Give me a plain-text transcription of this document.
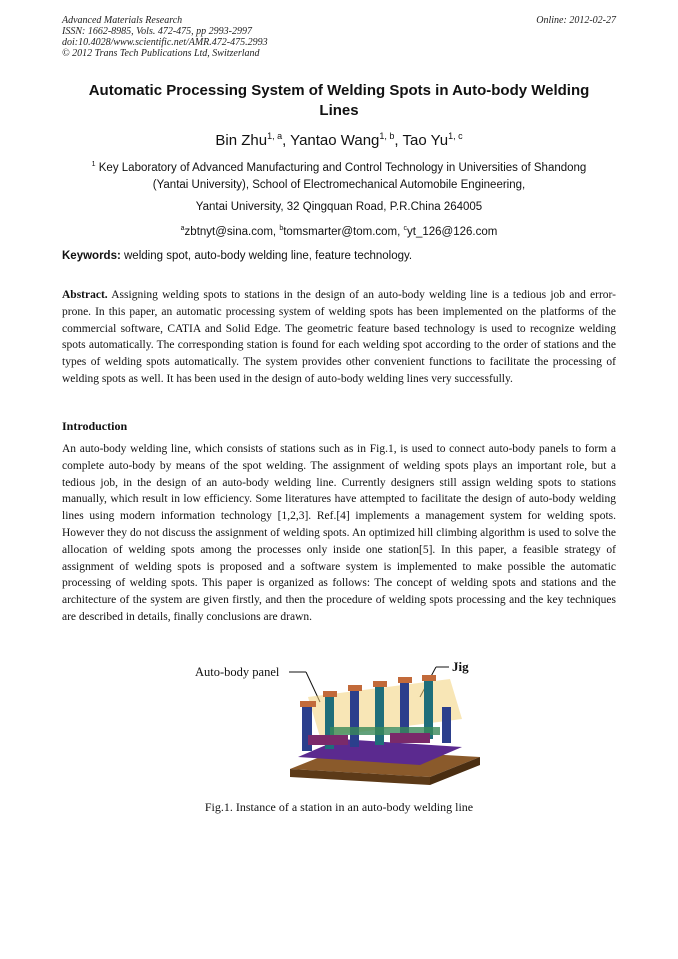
Advanced Materials Research
ISSN: 1662-8985, Vols. 472-475, pp 2993-2997
doi:10.4028/www.scientific.net/AMR.472-475.2993
© 2012 Trans Tech Publications Ltd, Switzerland
Online: 2012-02-27
Automatic Processing System of Welding Spots in Auto-body Welding
Lines
Bin Zhu$^{1, a}$, Yantao Wang$^{1, b}$, Tao Yu$^{1, c}$
$^1$ Key Laboratory of Advanced Manufacturing and Control Technology in Universities of Shandong
(Yantai University), School of Electromechanical Automobile Engineering,
Yantai University, 32 Qingquan Road, P.R.China 264005
$^a$zbtnyt@sina.com, $^b$tomsmarter@tom.com, $^c$yt_126@126.com
Keywords: welding spot, auto-body welding line, feature technology.
Abstract. Assigning welding spots to stations in the design of an auto-body welding line is a tedious job and error-prone. In this paper, an automatic processing system of welding spots has been implemented on the platforms of the commercial software, CATIA and Solid Edge. The geometric feature based technology is used to recognize welding spots automatically. The corresponding station is found for each welding spot according to the order of stations and the types of welding spots automatically. The system provides other convenient functions to facilitate the processing of welding spots as well. It has been used in the design of auto-body welding lines very successfully.
Introduction
An auto-body welding line, which consists of stations such as in Fig.1, is used to connect auto-body panels to form a complete auto-body by means of the spot welding. The assignment of welding spots plays an important role, but a tedious job, in the design of an auto-body welding line. Currently designers still assign welding spots to stations manually, which result in low efficiency. Some literatures have attempted to facilitate the design of auto-body welding lines using modern information technology [1,2,3]. Ref.[4] implements a management system for welding spots. However they do not discuss the assignment of welding spots. An optimized hill climbing algorithm is used to solve the allocation of welding spots among the processes only inside one station[5]. In this paper, a feasible strategy of assignment of welding spots is proposed and a software system is implemented to make possible the automatic processing of welding spots. This paper is organized as follows: The concept of welding spots and stations and the architecture of the system are given firstly, and then the procedure of welding spots processing and the key techniques are described in details, finally conclusions are drawn.
Auto-body panel	Jig
Fig.1. Instance of a station in an auto-body welding line
